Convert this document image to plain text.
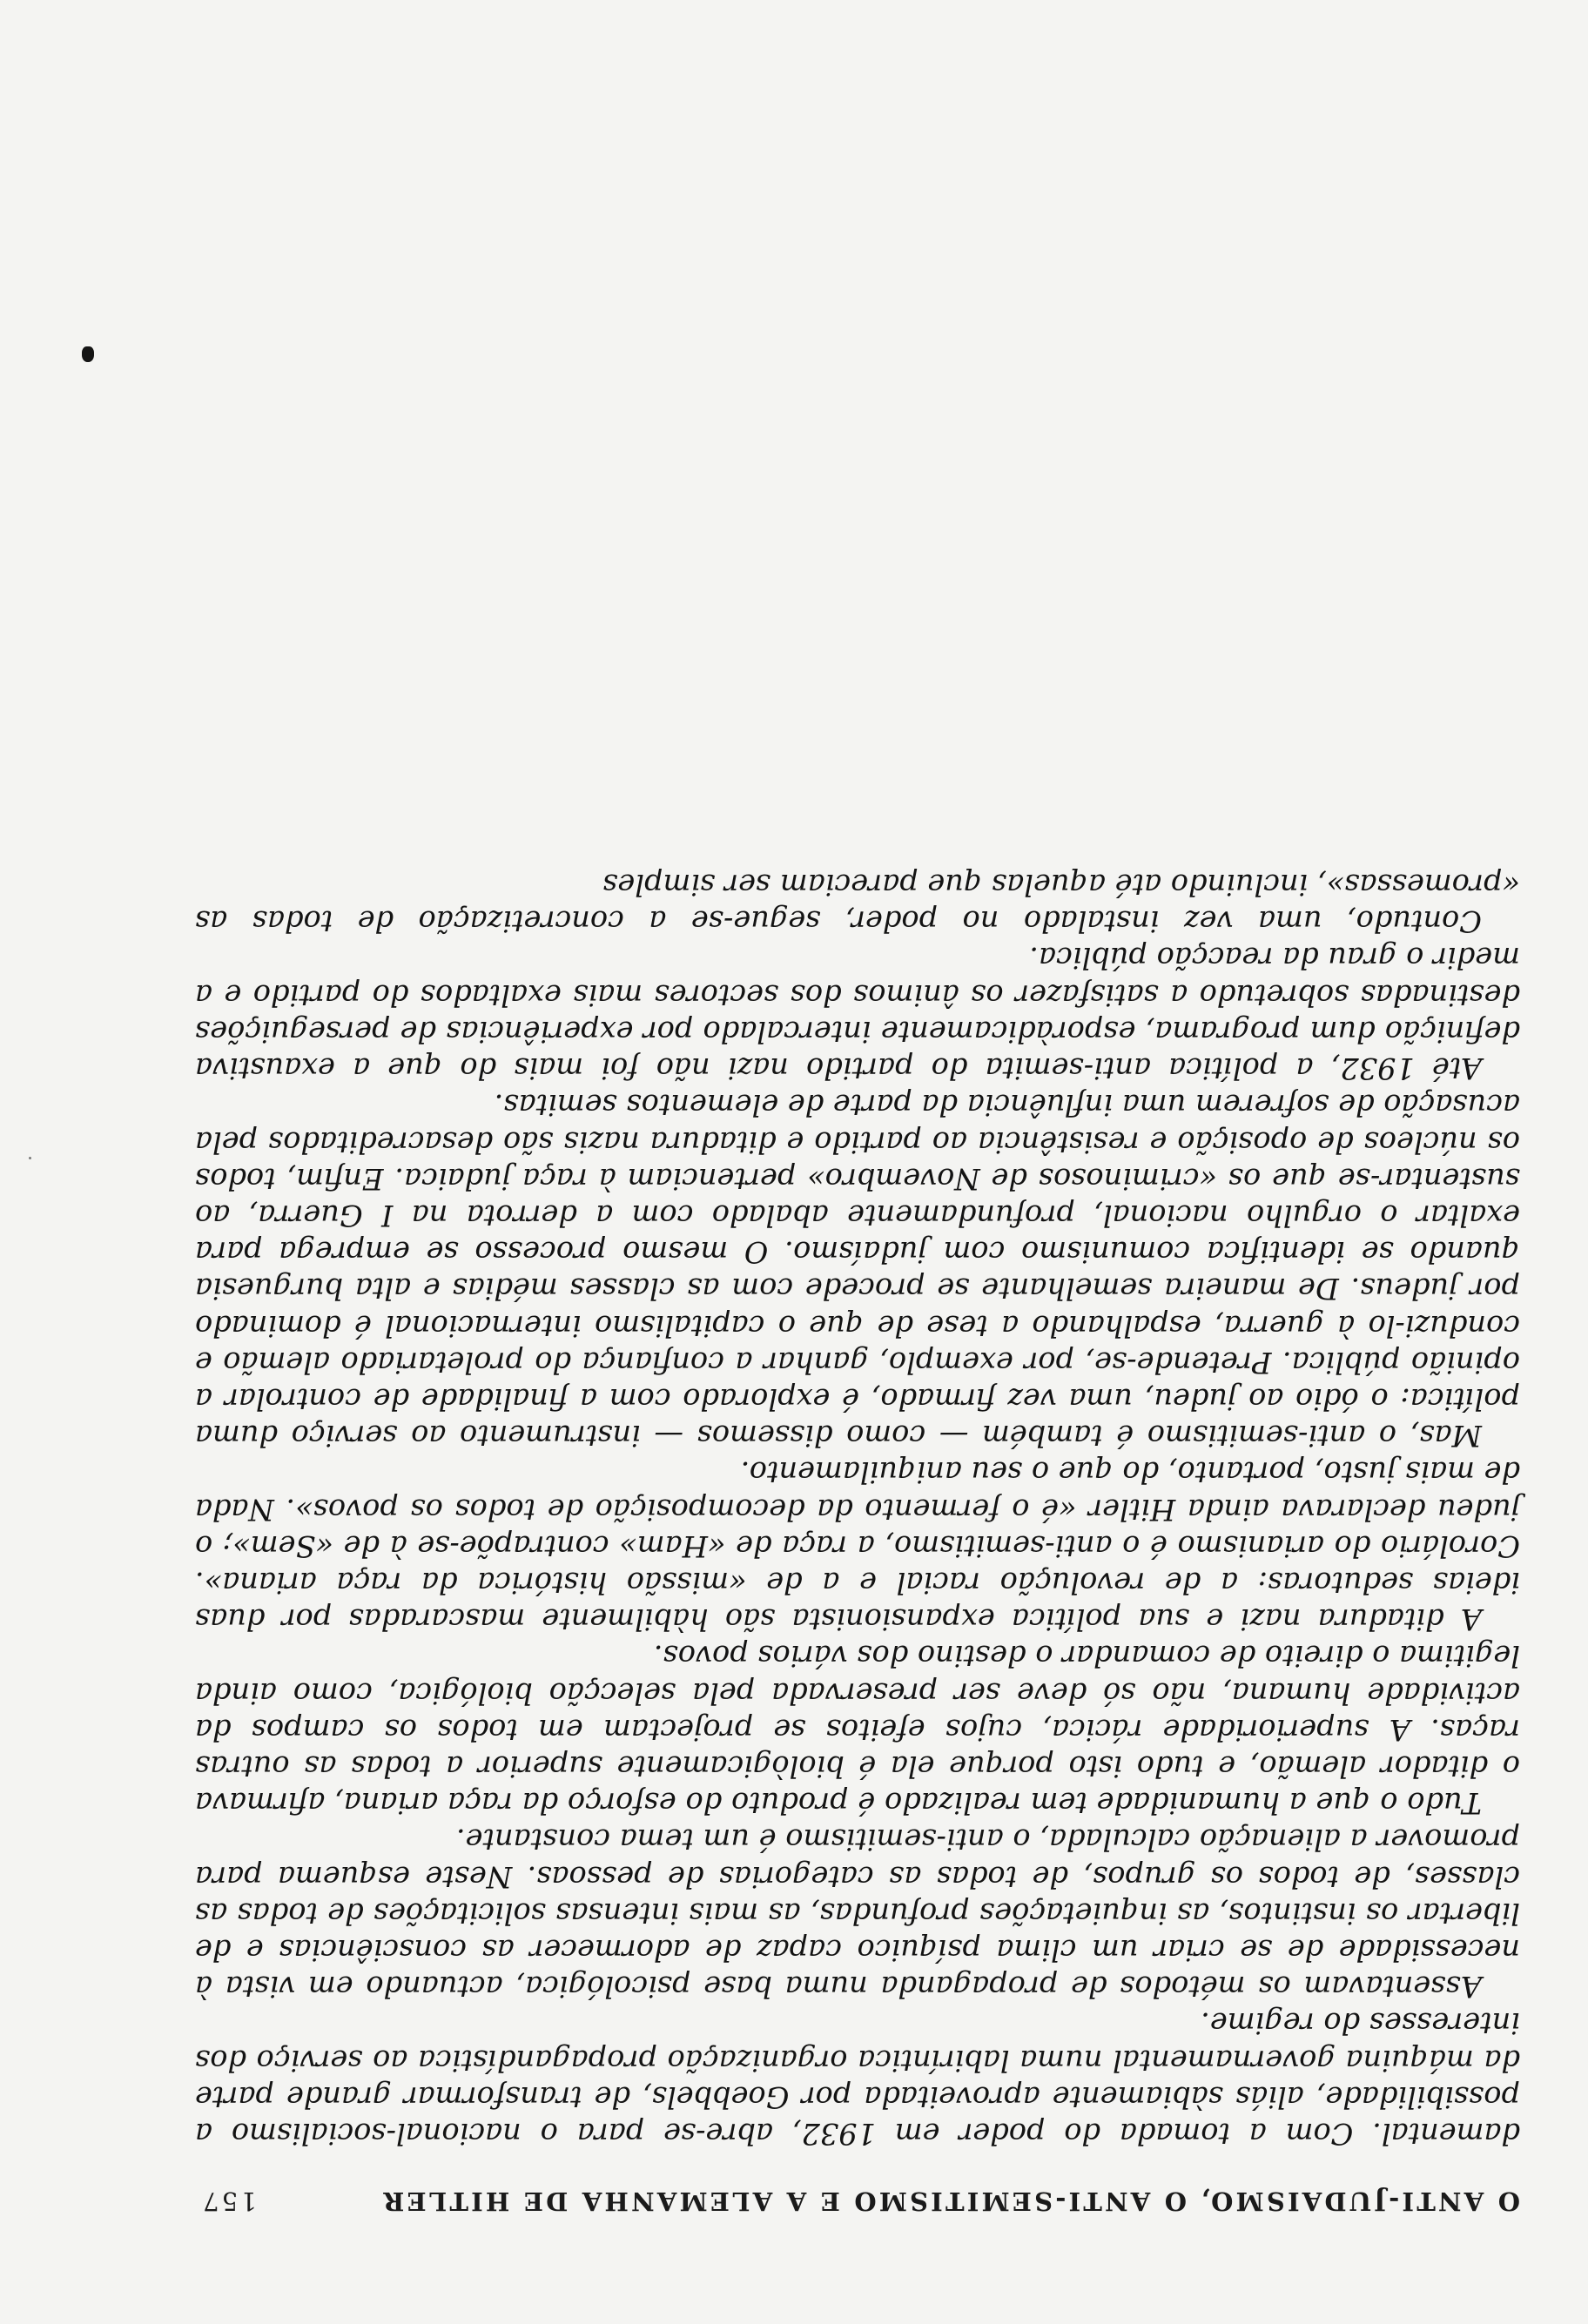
O ANTI-JUDAISMO, O ANTI-SEMITISMO E A ALEMANHA DE HITLER
157

damental. Com a tomada do poder em 1932, abre-se para o nacional-socialismo a possibilidade, aliás sàbiamente aproveitada por Goebbels, de transformar grande parte da máquina governamental numa labiríntica organização propagandística ao serviço dos interesses do regime.

Assentavam os métodos de propaganda numa base psicológica, actuando em vista à necessidade de se criar um clima psíquico capaz de adormecer as consciências e de libertar os instintos, as inquietações profundas, as mais intensas solicitações de todas as classes, de todos os grupos, de todas as categorias de pessoas. Neste esquema para promover a alienação calculada, o anti-semitismo é um tema constante.

Tudo o que a humanidade tem realizado é produto do esforço da raça ariana, afirmava o ditador alemão, e tudo isto porque ela é biològicamente superior a todas as outras raças. A superioridade rácica, cujos efeitos se projectam em todos os campos da actividade humana, não só deve ser preservada pela selecção biológica, como ainda legitima o direito de comandar o destino dos vários povos.

A ditadura nazi e sua política expansionista são hàbilmente mascaradas por duas ideias sedutoras: a de revolução racial e a de «missão histórica da raça ariana». Corolário do arianismo é o anti-semitismo, a raça de «Ham» contrapõe-se à de «Sem»; o judeu declarava ainda Hitler «é o fermento da decomposição de todos os povos». Nada de mais justo, portanto, do que o seu aniquilamento.

Mas, o anti-semitismo é também — como dissemos — instrumento ao serviço duma política: o ódio ao judeu, uma vez firmado, é explorado com a finalidade de controlar a opinião pública. Pretende-se, por exemplo, ganhar a confiança do proletariado alemão e conduzi-lo à guerra, espalhando a tese de que o capitalismo internacional é dominado por judeus. De maneira semelhante se procede com as classes médias e alta burguesia quando se identifica comunismo com judaísmo. O mesmo processo se emprega para exaltar o orgulho nacional, profundamente abalado com a derrota na I Guerra, ao sustentar-se que os «criminosos de Novembro» pertenciam à raça judaica. Enfim, todos os núcleos de oposição e resistência ao partido e ditadura nazis são desacreditados pela acusação de sofrerem uma influência da parte de elementos semitas.

Até 1932, a política anti-semita do partido nazi não foi mais do que a exaustiva definição dum programa, esporàdicamente intercalado por experiências de perseguições destinadas sobretudo a satisfazer os ânimos dos sectores mais exaltados do partido e a medir o grau da reacção pública.

Contudo, uma vez instalado no poder, segue-se a concretização de todas as «promessas», incluindo até aquelas que pareciam ser simples
